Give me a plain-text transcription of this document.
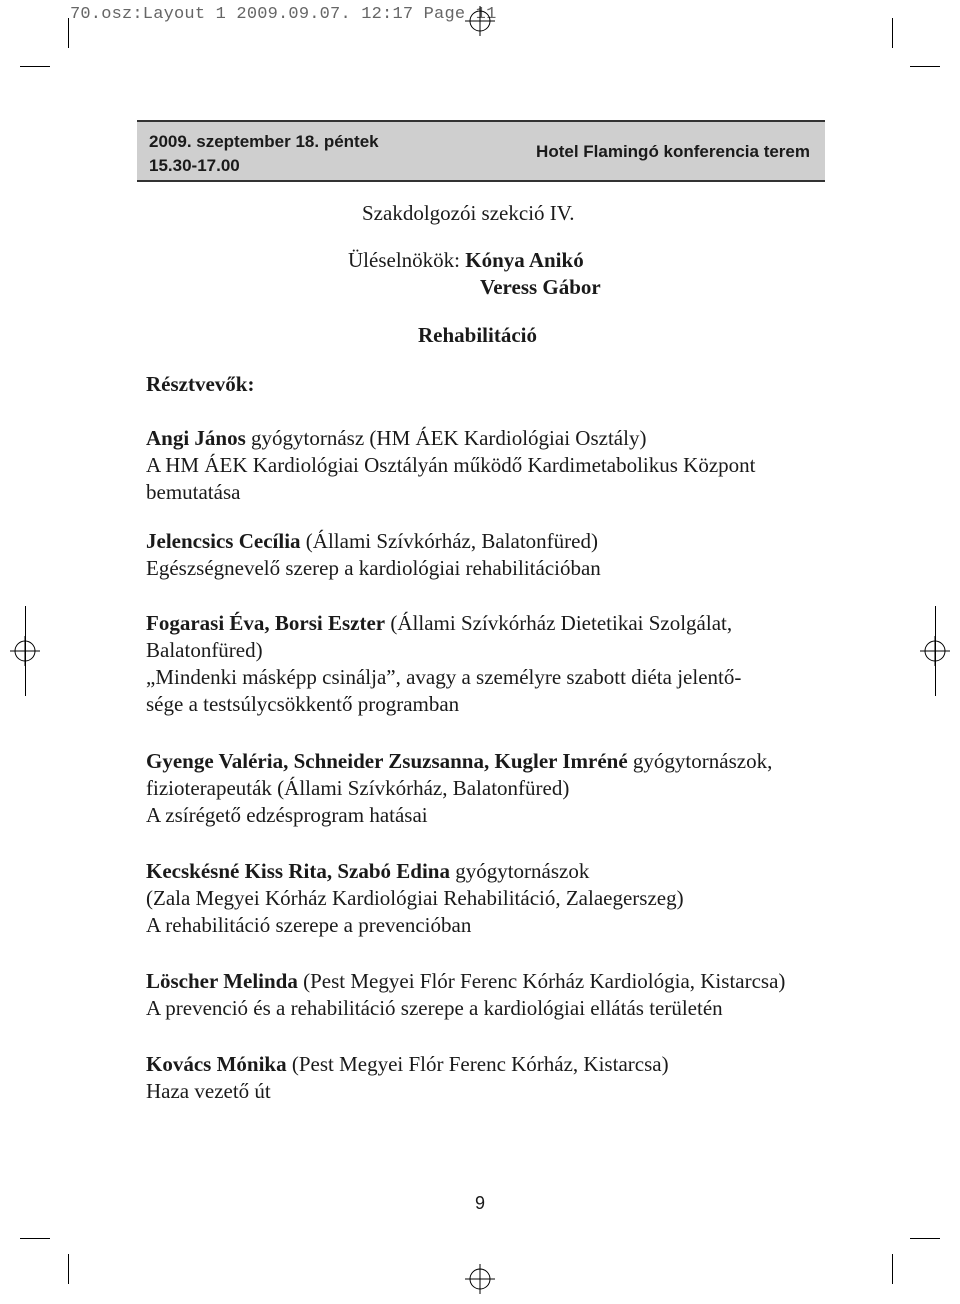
70.osz:Layout 1 2009.09.07. 12:17 Page 11
2009. szeptember 18. péntek
15.30-17.00
Hotel Flamingó konferencia terem
Szakdolgozói szekció IV.
Üléselnökök: Kónya Anikó
Veress Gábor
Rehabilitáció
Résztvevők:
Angi János gyógytornász (HM ÁEK Kardiológiai Osztály)
A HM ÁEK Kardiológiai Osztályán működő Kardimetabolikus Központ
bemutatása
Jelencsics Cecília (Állami Szívkórház, Balatonfüred)
Egészségnevelő szerep a kardiológiai rehabilitációban
Fogarasi Éva, Borsi Eszter (Állami Szívkórház Dietetikai Szolgálat,
Balatonfüred)
„Mindenki másképp csinálja”, avagy a személyre szabott diéta jelentő-
sége a testsúlycsökkentő programban
Gyenge Valéria, Schneider Zsuzsanna, Kugler Imréné gyógytornászok,
fizioterapeuták (Állami Szívkórház, Balatonfüred)
A zsírégető edzésprogram hatásai
Kecskésné Kiss Rita, Szabó Edina gyógytornászok
(Zala Megyei Kórház Kardiológiai Rehabilitáció, Zalaegerszeg)
A rehabilitáció szerepe a prevencióban
Löscher Melinda (Pest Megyei Flór Ferenc Kórház Kardiológia, Kistarcsa)
A prevenció és a rehabilitáció szerepe a kardiológiai ellátás területén
Kovács Mónika (Pest Megyei Flór Ferenc Kórház, Kistarcsa)
Haza vezető út
9
